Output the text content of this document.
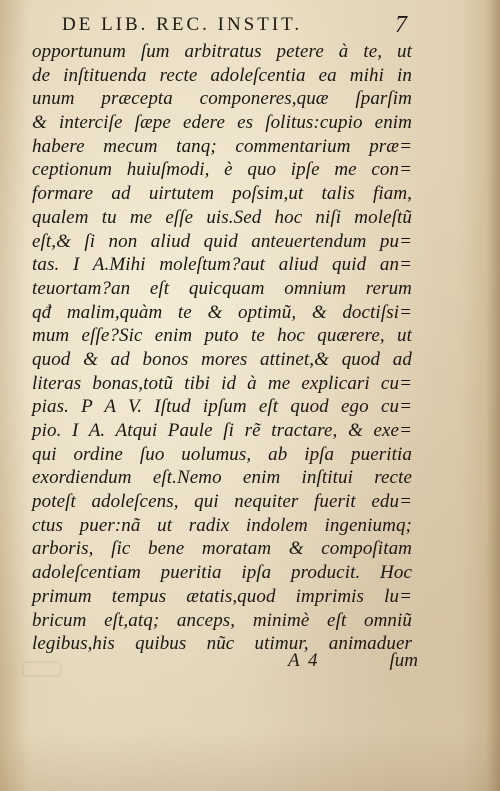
DE LIB. REC. INSTIT.	7
opportunum ſum arbitratus petere à te, ut
de inſtituenda recte adoleſcentia ea mihi in
unum præcepta componeres,quæ ſparſim
& interciſe ſæpe edere es ſolitus:cupio enim
habere mecum tanq; commentarium præ=
ceptionum huiuſmodi, è quo ipſe me con=
formare ad uirtutem poſsim,ut talis fiam,
qualem tu me eſſe uis.Sed hoc niſi moleſtũ
eſt,& ſi non aliud quid anteuertendum pu=
tas. I A.Mihi moleſtum?aut aliud quid an=
teuortam?an eſt quicquam omnium rerum
qđ malim,quàm te & optimũ, & doctiſsi=
mum eſſe?Sic enim puto te hoc quærere, ut
quod & ad bonos mores attinet,& quod ad
literas bonas,totũ tibi id à me explicari cu=
pias. P A V. Iſtud ipſum eſt quod ego cu=
pio. I A. Atqui Paule ſi rẽ tractare, & exe=
qui ordine ſuo uolumus, ab ipſa pueritia
exordiendum eſt.Nemo enim inſtitui recte
poteſt adoleſcens, qui nequiter fuerit edu=
ctus puer:nã ut radix indolem ingeniumq;
arboris, ſic bene moratam & compoſitam
adoleſcentiam pueritia ipſa producit. Hoc
primum tempus ætatis,quod imprimis lu=
bricum eſt,atq; anceps, minimè eſt omniũ
legibus,his quibus nũc utimur, animaduer
A 4	ſum
